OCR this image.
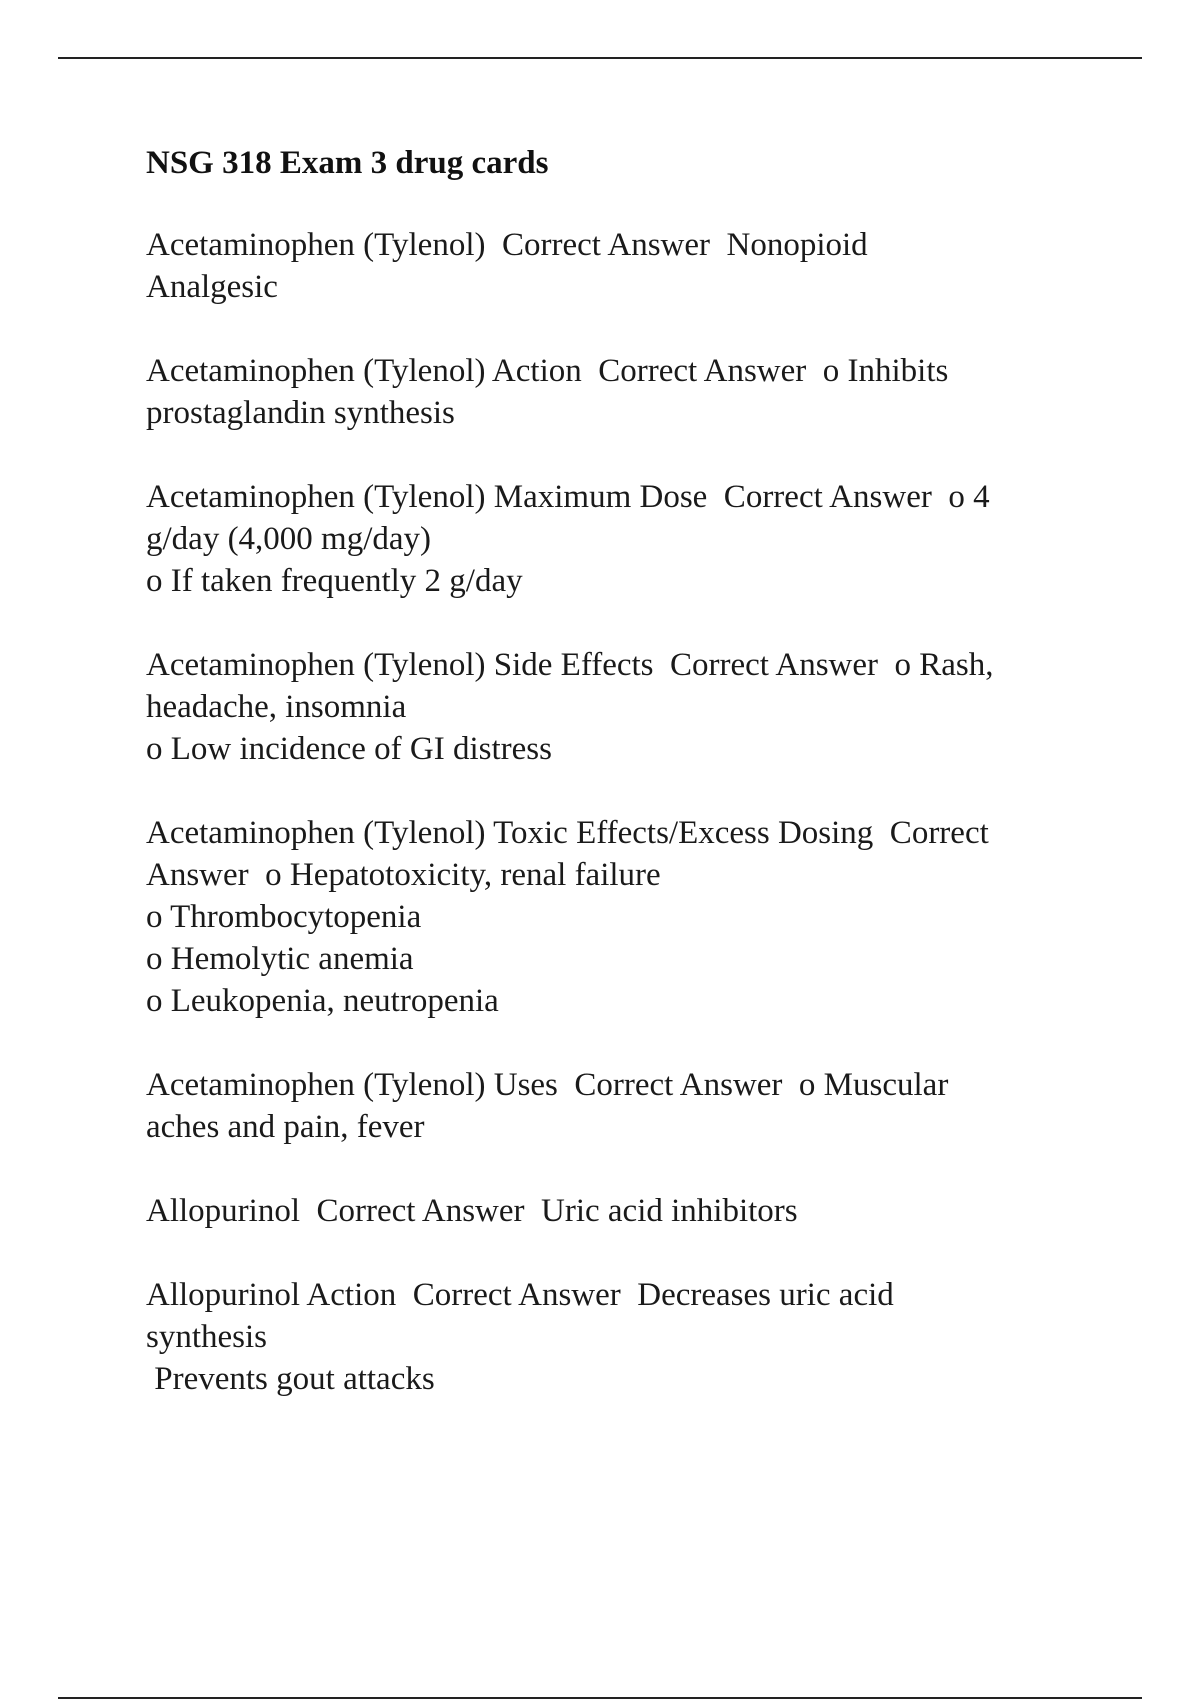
NSG 318 Exam 3 drug cards

Acetaminophen (Tylenol)  Correct Answer  Nonopioid

Analgesic

Acetaminophen (Tylenol) Action  Correct Answer  o Inhibits

prostaglandin synthesis

Acetaminophen (Tylenol) Maximum Dose  Correct Answer  o 4

g/day (4,000 mg/day)

o If taken frequently 2 g/day

Acetaminophen (Tylenol) Side Effects  Correct Answer  o Rash,

headache, insomnia

o Low incidence of GI distress

Acetaminophen (Tylenol) Toxic Effects/Excess Dosing  Correct

Answer  o Hepatotoxicity, renal failure

o Thrombocytopenia

o Hemolytic anemia

o Leukopenia, neutropenia

Acetaminophen (Tylenol) Uses  Correct Answer  o Muscular

aches and pain, fever

Allopurinol  Correct Answer  Uric acid inhibitors

Allopurinol Action  Correct Answer  Decreases uric acid

synthesis

Prevents gout attacks
